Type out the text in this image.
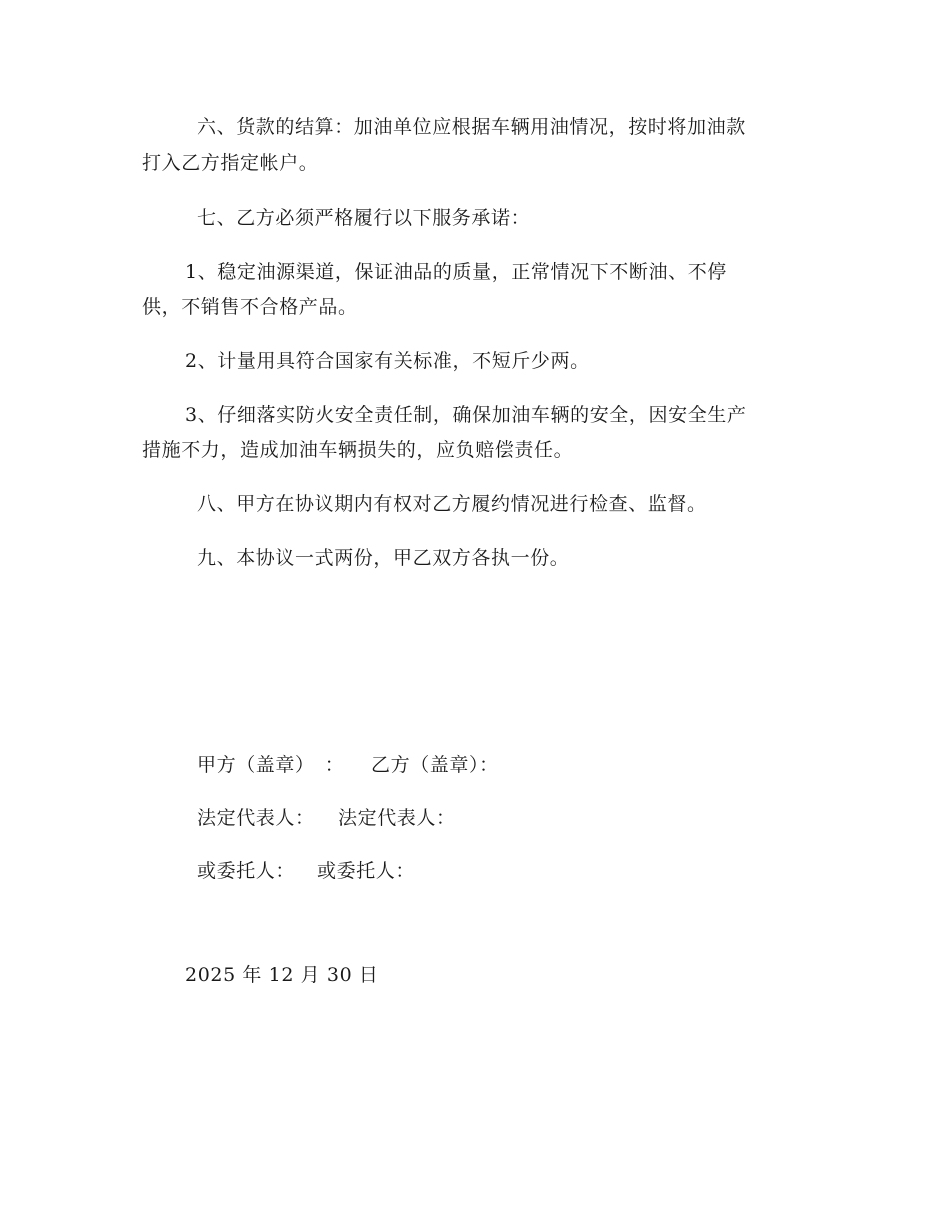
六、货款的结算：加油单位应根据车辆用油情况，按时将加油款
打入乙方指定帐户。
七、乙方必须严格履行以下服务承诺：
1、稳定油源渠道，保证油品的质量，正常情况下不断油、不停
供，不销售不合格产品。
2、计量用具符合国家有关标准，不短斤少两。
3、仔细落实防火安全责任制，确保加油车辆的安全，因安全生产
措施不力，造成加油车辆损失的，应负赔偿责任。
八、甲方在协议期内有权对乙方履约情况进行检查、监督。
九、本协议一式两份，甲乙双方各执一份。
甲方（盖章）　： 乙方（盖章）：
法定代表人： 法定代表人：
或委托人： 或委托人：
2025 年 12 月 30 日
